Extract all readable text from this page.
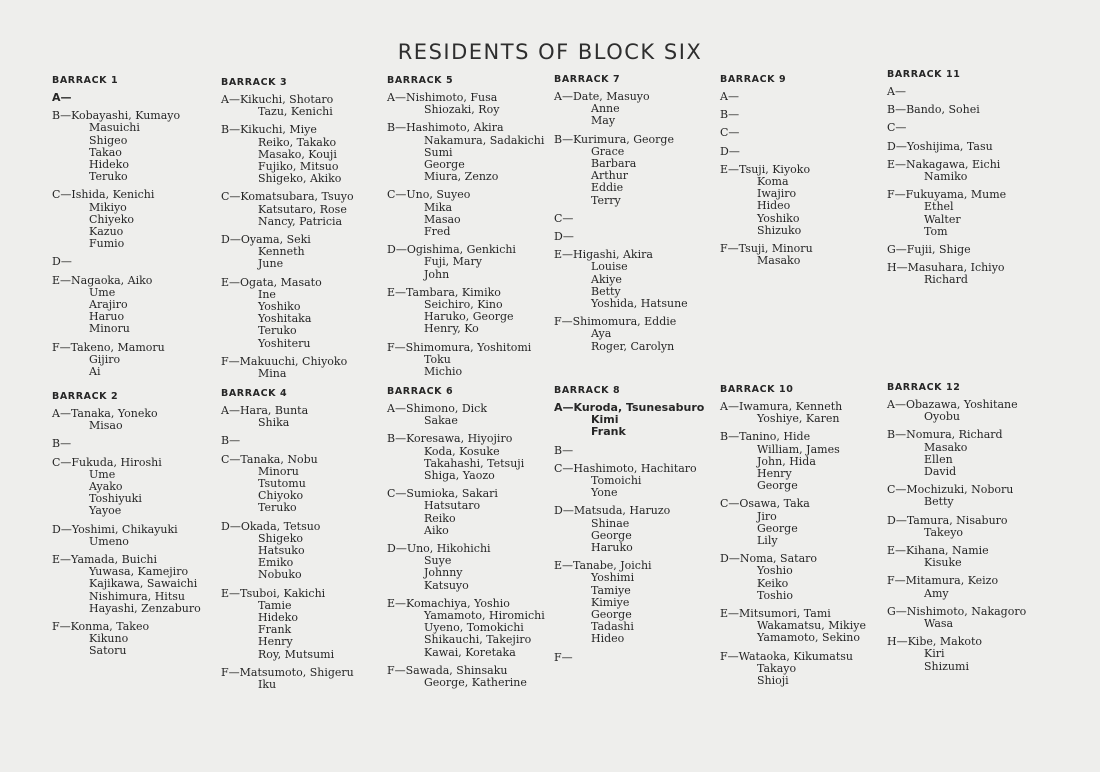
RESIDENTS OF BLOCK SIX
BARRACK 1
A—
B—Kobayashi, Kumayo
Masuichi
Shigeo
Takao
Hideko
Teruko
C—Ishida, Kenichi
Mikiyo
Chiyeko
Kazuo
Fumio
D—
E—Nagaoka, Aiko
Ume
Arajiro
Haruo
Minoru
F—Takeno, Mamoru
Gijiro
Ai
BARRACK 3
A—Kikuchi, Shotaro
Tazu, Kenichi
B—Kikuchi, Miye
Reiko, Takako
Masako, Kouji
Fujiko, Mitsuo
Shigeko, Akiko
C—Komatsubara, Tsuyo
Katsutaro, Rose
Nancy, Patricia
D—Oyama, Seki
Kenneth
June
E—Ogata, Masato
Ine
Yoshiko
Yoshitaka
Teruko
Yoshiteru
F—Makuuchi, Chiyoko
Mina
BARRACK 5
A—Nishimoto, Fusa
Shiozaki, Roy
B—Hashimoto, Akira
Nakamura, Sadakichi
Sumi
George
Miura, Zenzo
C—Uno, Suyeo
Mika
Masao
Fred
D—Ogishima, Genkichi
Fuji, Mary
John
E—Tambara, Kimiko
Seichiro, Kino
Haruko, George
Henry, Ko
F—Shimomura, Yoshitomi
Toku
Michio
BARRACK 7
A—Date, Masuyo
Anne
May
B—Kurimura, George
Grace
Barbara
Arthur
Eddie
Terry
C—
D—
E—Higashi, Akira
Louise
Akiye
Betty
Yoshida, Hatsune
F—Shimomura, Eddie
Aya
Roger, Carolyn
BARRACK 9
A—
B—
C—
D—
E—Tsuji, Kiyoko
Koma
Iwajiro
Hideo
Yoshiko
Shizuko
F—Tsuji, Minoru
Masako
BARRACK 11
A—
B—Bando, Sohei
C—
D—Yoshijima, Tasu
E—Nakagawa, Eichi
Namiko
F—Fukuyama, Mume
Ethel
Walter
Tom
G—Fujii, Shige
H—Masuhara, Ichiyo
Richard
BARRACK 2
A—Tanaka, Yoneko
Misao
B—
C—Fukuda, Hiroshi
Ume
Ayako
Toshiyuki
Yayoe
D—Yoshimi, Chikayuki
Umeno
E—Yamada, Buichi
Yuwasa, Kamejiro
Kajikawa, Sawaichi
Nishimura, Hitsu
Hayashi, Zenzaburo
F—Konma, Takeo
Kikuno
Satoru
BARRACK 4
A—Hara, Bunta
Shika
B—
C—Tanaka, Nobu
Minoru
Tsutomu
Chiyoko
Teruko
D—Okada, Tetsuo
Shigeko
Hatsuko
Emiko
Nobuko
E—Tsuboi, Kakichi
Tamie
Hideko
Frank
Henry
Roy, Mutsumi
F—Matsumoto, Shigeru
Iku
BARRACK 6
A—Shimono, Dick
Sakae
B—Koresawa, Hiyojiro
Koda, Kosuke
Takahashi, Tetsuji
Shiga, Yaozo
C—Sumioka, Sakari
Hatsutaro
Reiko
Aiko
D—Uno, Hikohichi
Suye
Johnny
Katsuyo
E—Komachiya, Yoshio
Yamamoto, Hiromichi
Uyeno, Tomokichi
Shikauchi, Takejiro
Kawai, Koretaka
F—Sawada, Shinsaku
George, Katherine
BARRACK 8
A—Kuroda, Tsunesaburo
Kimi
Frank
B—
C—Hashimoto, Hachitaro
Tomoichi
Yone
D—Matsuda, Haruzo
Shinae
George
Haruko
E—Tanabe, Joichi
Yoshimi
Tamiye
Kimiye
George
Tadashi
Hideo
F—
BARRACK 10
A—Iwamura, Kenneth
Yoshiye, Karen
B—Tanino, Hide
William, James
John, Hida
Henry
George
C—Osawa, Taka
Jiro
George
Lily
D—Noma, Sataro
Yoshio
Keiko
Toshio
E—Mitsumori, Tami
Wakamatsu, Mikiye
Yamamoto, Sekino
F—Wataoka, Kikumatsu
Takayo
Shioji
BARRACK 12
A—Obazawa, Yoshitane
Oyobu
B—Nomura, Richard
Masako
Ellen
David
C—Mochizuki, Noboru
Betty
D—Tamura, Nisaburo
Takeyo
E—Kihana, Namie
Kisuke
F—Mitamura, Keizo
Amy
G—Nishimoto, Nakagoro
Wasa
H—Kibe, Makoto
Kiri
Shizumi
